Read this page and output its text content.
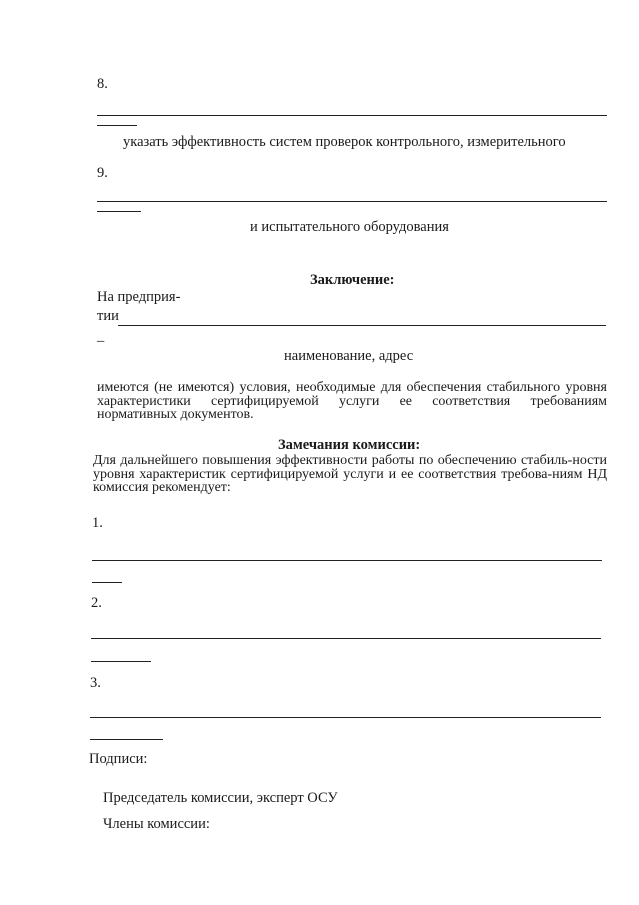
8.
указать эффективность систем проверок контрольного, измерительного
9.
и испытательного оборудования
Заключение:
На предприя-
тии
–
наименование, адрес
имеются (не имеются) условия, необходимые для обеспечения стабильного уровня характеристики сертифицируемой услуги ее соответствия требованиям нормативных документов.
Замечания комиссии:
Для дальнейшего повышения эффективности работы по обеспечению стабиль-ности уровня характеристик сертифицируемой услуги и ее соответствия требова-ниям НД комиссия рекомендует:
1.
2.
3.
Подписи:
Председатель комиссии, эксперт ОСУ
Члены комиссии:
